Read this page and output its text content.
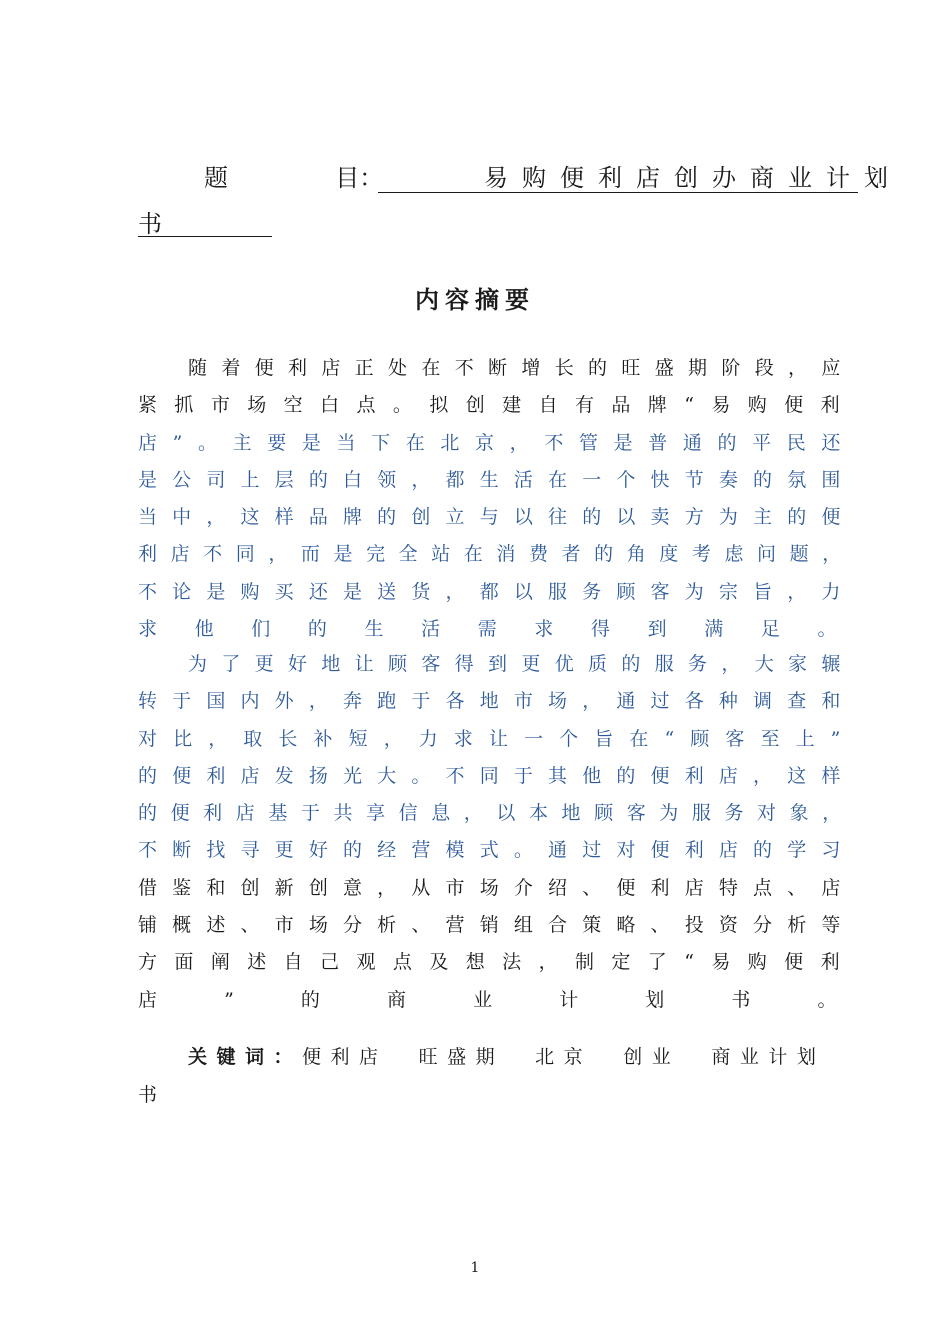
题	目：	易购便利店创办商业计划
书
内容摘要
随着便利店正处在不断增长的旺盛期阶段，应
紧抓市场空白点。拟创建自有品牌“易购便利
店”。主要是当下在北京，不管是普通的平民还
是公司上层的白领，都生活在一个快节奏的氛围
当中，这样品牌的创立与以往的以卖方为主的便
利店不同，而是完全站在消费者的角度考虑问题，
不论是购买还是送货，都以服务顾客为宗旨，力
求他们的生活需求得到满足。
为了更好地让顾客得到更优质的服务，大家辗
转于国内外，奔跑于各地市场，通过各种调查和
对比，取长补短，力求让一个旨在“顾客至上”
的便利店发扬光大。不同于其他的便利店，这样
的便利店基于共享信息，以本地顾客为服务对象，
不断找寻更好的经营模式。通过对便利店的学习
借鉴和创新创意，从市场介绍、便利店特点、店
铺概述、市场分析、营销组合策略、投资分析等
方面阐述自己观点及想法，制定了“易购便利
店”的商业计划书。
关键词：便利店  旺盛期  北京  创业  商业计划
书
1
